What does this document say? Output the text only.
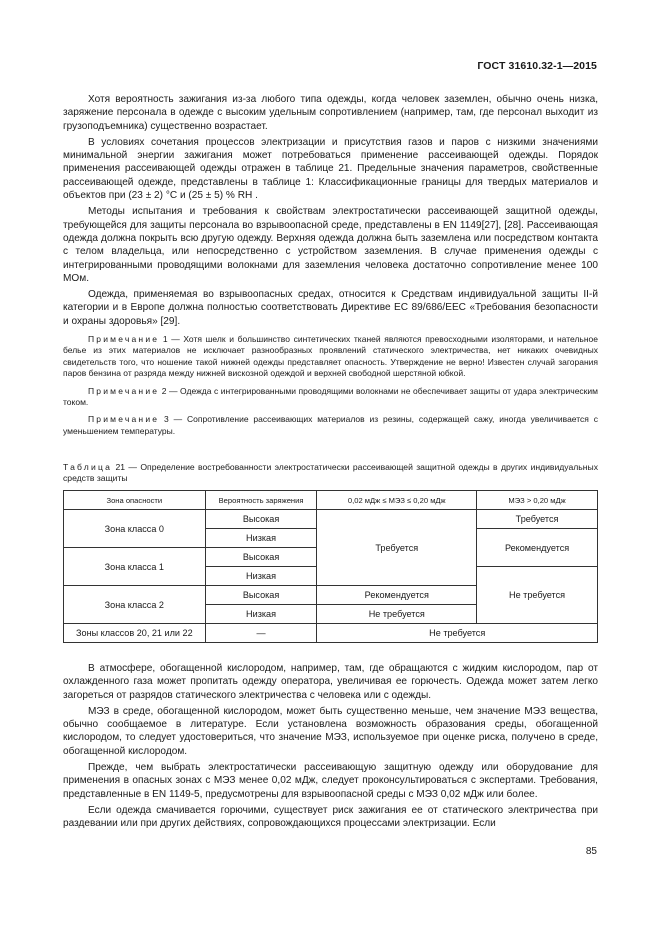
ГОСТ 31610.32-1—2015

Хотя вероятность зажигания из-за любого типа одежды, когда человек заземлен, обычно очень низка, заряжение персонала в одежде с высоким удельным сопротивлением (например, там, где персонал выходит из грузоподъемника) существенно возрастает.

В условиях сочетания процессов электризации и присутствия газов и паров с низкими значениями минимальной энергии зажигания может потребоваться применение рассеивающей одежды. Порядок применения рассеивающей одежды отражен в таблице 21. Предельные значения параметров, свойственные рассеивающей одежде, представлены в таблице 1: Классификационные границы для твердых материалов и объектов при (23 ± 2) °С и (25 ± 5) % RH .

Методы испытания и требования к свойствам электростатически рассеивающей защитной одежды, требующейся для защиты персонала во взрывоопасной среде, представлены в EN 1149[27], [28]. Рассеивающая одежда должна покрыть всю другую одежду. Верхняя одежда должна быть заземлена или посредством контакта с телом владельца, или непосредственно с устройством заземления. В случае применения одежды с интегрированными проводящими волокнами для заземления человека достаточно сопротивление менее 100 МОм.

Одежда, применяемая во взрывоопасных средах, относится к Средствам индивидуальной защиты II-й категории и в Европе должна полностью соответствовать Директиве ЕС 89/686/ЕЕС «Требования безопасности и охраны здоровья» [29].

Примечание 1 — Хотя шелк и большинство синтетических тканей являются превосходными изоляторами, и нательное белье из этих материалов не исключает разнообразных проявлений статического электричества, нет никаких очевидных свидетельств того, что ношение такой нижней одежды представляет опасность. Утверждение не верно! Известен случай загорания паров бензина от разряда между нижней вискозной одеждой и верхней свободной шерстяной юбкой.
Примечание 2 — Одежда с интегрированными проводящими волокнами не обеспечивает защиты от удара электрическим током.
Примечание 3 — Сопротивление рассеивающих материалов из резины, содержащей сажу, иногда увеличивается с уменьшением температуры.
Таблица 21 — Определение востребованности электростатически рассеивающей защитной одежды в других индивидуальных средств защиты
Зона опасности	Вероятность заряжения	0,02 мДж ≤ МЭЗ ≤ 0,20 мДж	МЭЗ > 0,20 мДж
Зона класса 0	Высокая	Требуется	Требуется
	Низкая		Рекомендуется
Зона класса 1	Высокая		
	Низкая		Не требуется
Зона класса 2	Высокая	Рекомендуется	
	Низкая	Не требуется	
Зоны классов 20, 21 или 22	—	Не требуется	

В атмосфере, обогащенной кислородом, например, там, где обращаются с жидким кислородом, пар от охлажденного газа может пропитать одежду оператора, увеличивая ее горючесть. Одежда может затем легко загореться от разрядов статического электричества с человека или с одежды.

МЭЗ в среде, обогащенной кислородом, может быть существенно меньше, чем значение МЭЗ вещества, обычно сообщаемое в литературе. Если установлена возможность образования среды, обогащенной кислородом, то следует удостовериться, что значение МЭЗ, используемое при оценке риска, получено в среде, обогащенной кислородом.

Прежде, чем выбрать электростатически рассеивающую защитную одежду или оборудование для применения в опасных зонах с МЭЗ менее 0,02 мДж, следует проконсультироваться с экспертами. Требования, представленные в EN 1149-5, предусмотрены для взрывоопасной среды с МЭЗ 0,02 мДж или более.

Если одежда смачивается горючими, существует риск зажигания ее от статического электричества при раздевании или при других действиях, сопровождающихся процессами электризации. Если

85
